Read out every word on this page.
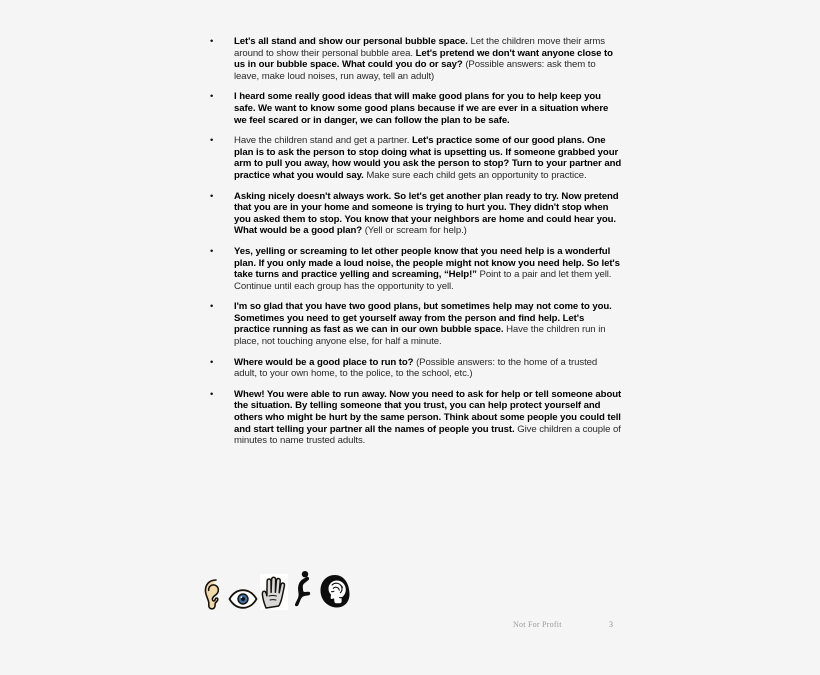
•	Let's all stand and show our personal bubble space. Let the children move their arms around to show their personal bubble area. Let's pretend we don't want anyone close to us in our bubble space. What could you do or say? (Possible answers: ask them to leave, make loud noises, run away, tell an adult)
•	I heard some really good ideas that will make good plans for you to help keep you safe. We want to know some good plans because if we are ever in a situation where we feel scared or in danger, we can follow the plan to be safe.
•	Have the children stand and get a partner. Let's practice some of our good plans. One plan is to ask the person to stop doing what is upsetting us. If someone grabbed your arm to pull you away, how would you ask the person to stop? Turn to your partner and practice what you would say. Make sure each child gets an opportunity to practice.
•	Asking nicely doesn't always work. So let's get another plan ready to try. Now pretend that you are in your home and someone is trying to hurt you. They didn't stop when you asked them to stop. You know that your neighbors are home and could hear you. What would be a good plan? (Yell or scream for help.)
•	Yes, yelling or screaming to let other people know that you need help is a wonderful plan. If you only made a loud noise, the people might not know you need help. So let's take turns and practice yelling and screaming, “Help!” Point to a pair and let them yell. Continue until each group has the opportunity to yell.
•	I'm so glad that you have two good plans, but sometimes help may not come to you. Sometimes you need to get yourself away from the person and find help. Let's practice running as fast as we can in our own bubble space. Have the children run in place, not touching anyone else, for half a minute.
•	Where would be a good place to run to? (Possible answers: to the home of a trusted adult, to your own home, to the police, to the school, etc.)
•	Whew! You were able to run away. Now you need to ask for help or tell someone about the situation. By telling someone that you trust, you can help protect yourself and others who might be hurt by the same person. Think about some people you could tell and start telling your partner all the names of people you trust. Give children a couple of minutes to name trusted adults.
Not For Profit	3
